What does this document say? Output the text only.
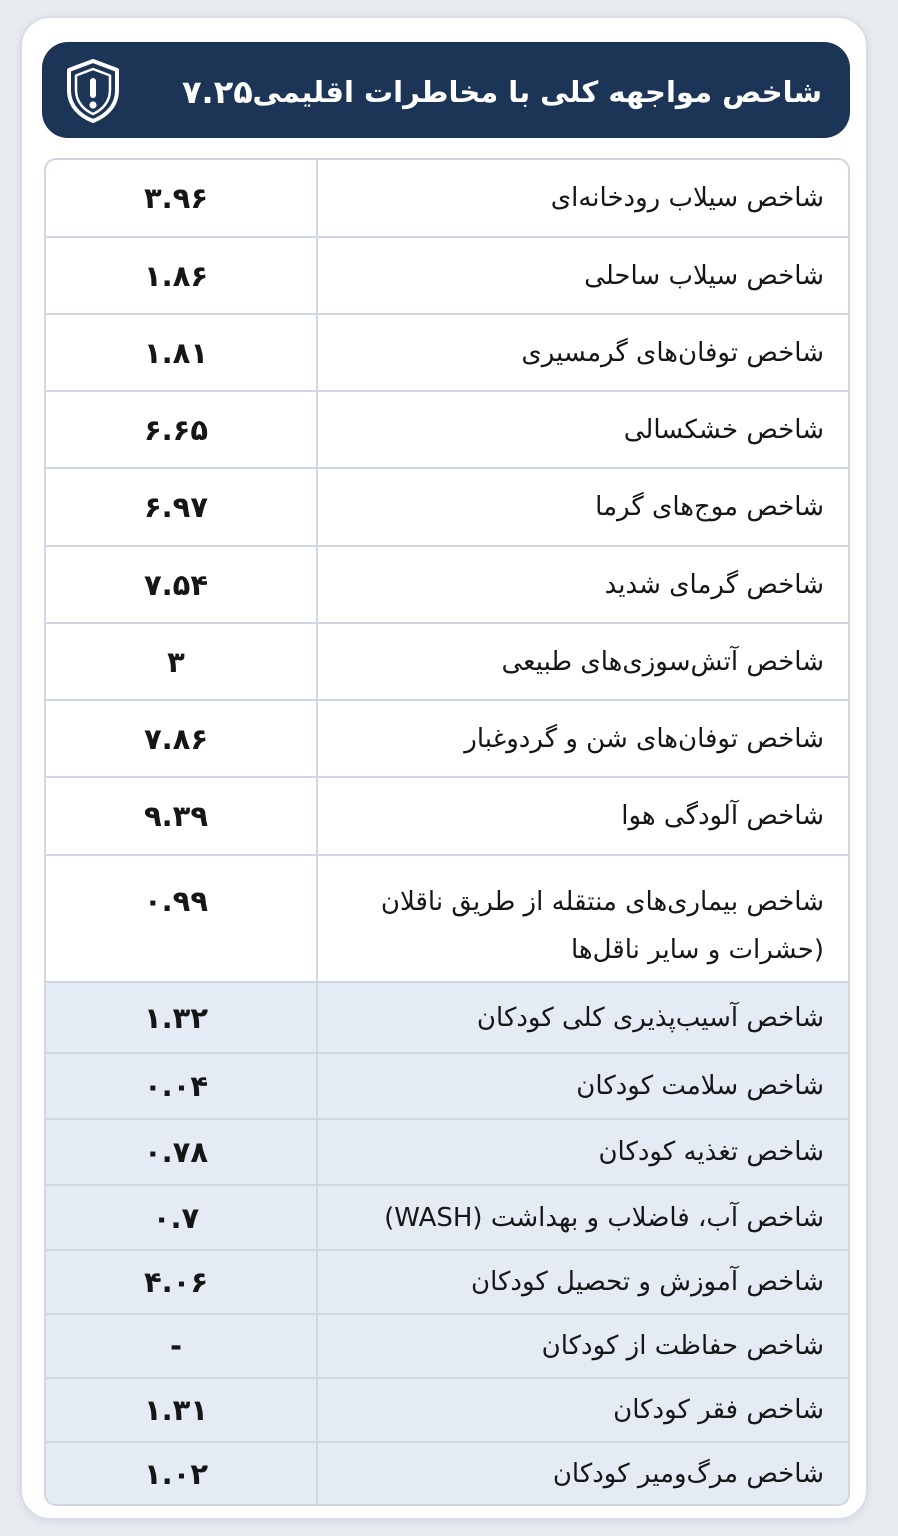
۷.۲۵ شاخص مواجهه کلی با مخاطرات اقلیمی
شاخص سیلاب رودخانه‌ای
۳.۹۶
شاخص سیلاب ساحلی
۱.۸۶
شاخص توفان‌های گرمسیری
۱.۸۱
شاخص خشکسالی
۶.۶۵
شاخص موج‌های گرما
۶.۹۷
شاخص گرمای شدید
۷.۵۴
شاخص آتش‌سوزی‌های طبیعی
۳
شاخص توفان‌های شن و گردوغبار
۷.۸۶
شاخص آلودگی هوا
۹.۳۹
شاخص بیماری‌های منتقله از طریق ناقلان
(حشرات و سایر ناقل‌ها
۰.۹۹
شاخص آسیب‌پذیری کلی کودکان
۱.۳۲
شاخص سلامت کودکان
۰.۰۴
شاخص تغذیه کودکان
۰.۷۸
شاخص آب، فاضلاب و بهداشت (WASH)
۰.۷
شاخص آموزش و تحصیل کودکان
۴.۰۶
شاخص حفاظت از کودکان
-
شاخص فقر کودکان
۱.۳۱
شاخص مرگ‌ومیر کودکان
۱.۰۲
